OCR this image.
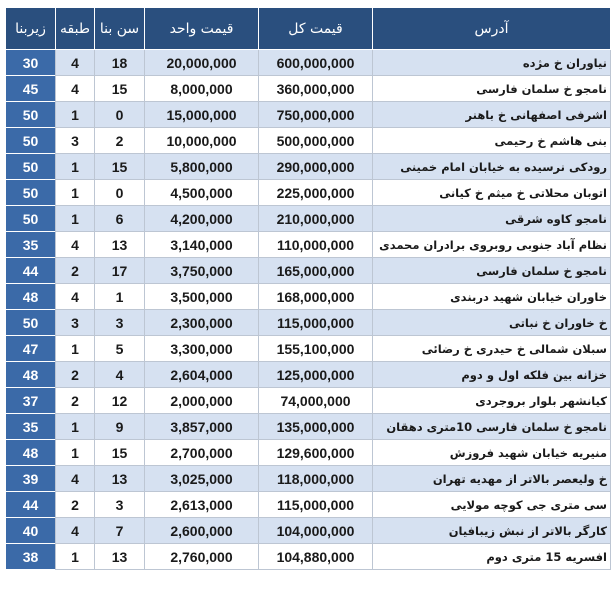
آدرس	قیمت کل	قیمت واحد	سن بنا	طبقه	زیربنا
نیاوران خ مژده	600,000,000	20,000,000	18	4	30
نامجو خ سلمان فارسی	360,000,000	8,000,000	15	4	45
اشرفی اصفهانی خ باهنر	750,000,000	15,000,000	0	1	50
بنی هاشم خ رحیمی	500,000,000	10,000,000	2	3	50
رودکی نرسیده به خیابان امام خمینی	290,000,000	5,800,000	15	1	50
اتوبان محلاتی خ میثم خ کیانی	225,000,000	4,500,000	0	1	50
نامجو کاوه شرقی	210,000,000	4,200,000	6	1	50
نظام آباد جنوبی روبروی برادران محمدی	110,000,000	3,140,000	13	4	35
نامجو خ سلمان فارسی	165,000,000	3,750,000	17	2	44
خاوران خیابان شهید دربندی	168,000,000	3,500,000	1	4	48
خ خاوران خ نباتی	115,000,000	2,300,000	3	3	50
سبلان شمالی خ حیدری خ رضائی	155,100,000	3,300,000	5	1	47
خزانه بین فلکه اول و دوم	125,000,000	2,604,000	4	2	48
کیانشهر بلوار بروجردی	74,000,000	2,000,000	12	2	37
نامجو خ سلمان فارسی 10متری دهقان	135,000,000	3,857,000	9	1	35
منیریه خیابان شهید فروزش	129,600,000	2,700,000	15	1	48
خ ولیعصر بالاتر از مهدیه تهران	118,000,000	3,025,000	13	4	39
سی متری جی کوچه مولایی	115,000,000	2,613,000	3	2	44
کارگر بالاتر از نبش زیبافیان	104,000,000	2,600,000	7	4	40
افسریه 15 متری دوم	104,880,000	2,760,000	13	1	38
